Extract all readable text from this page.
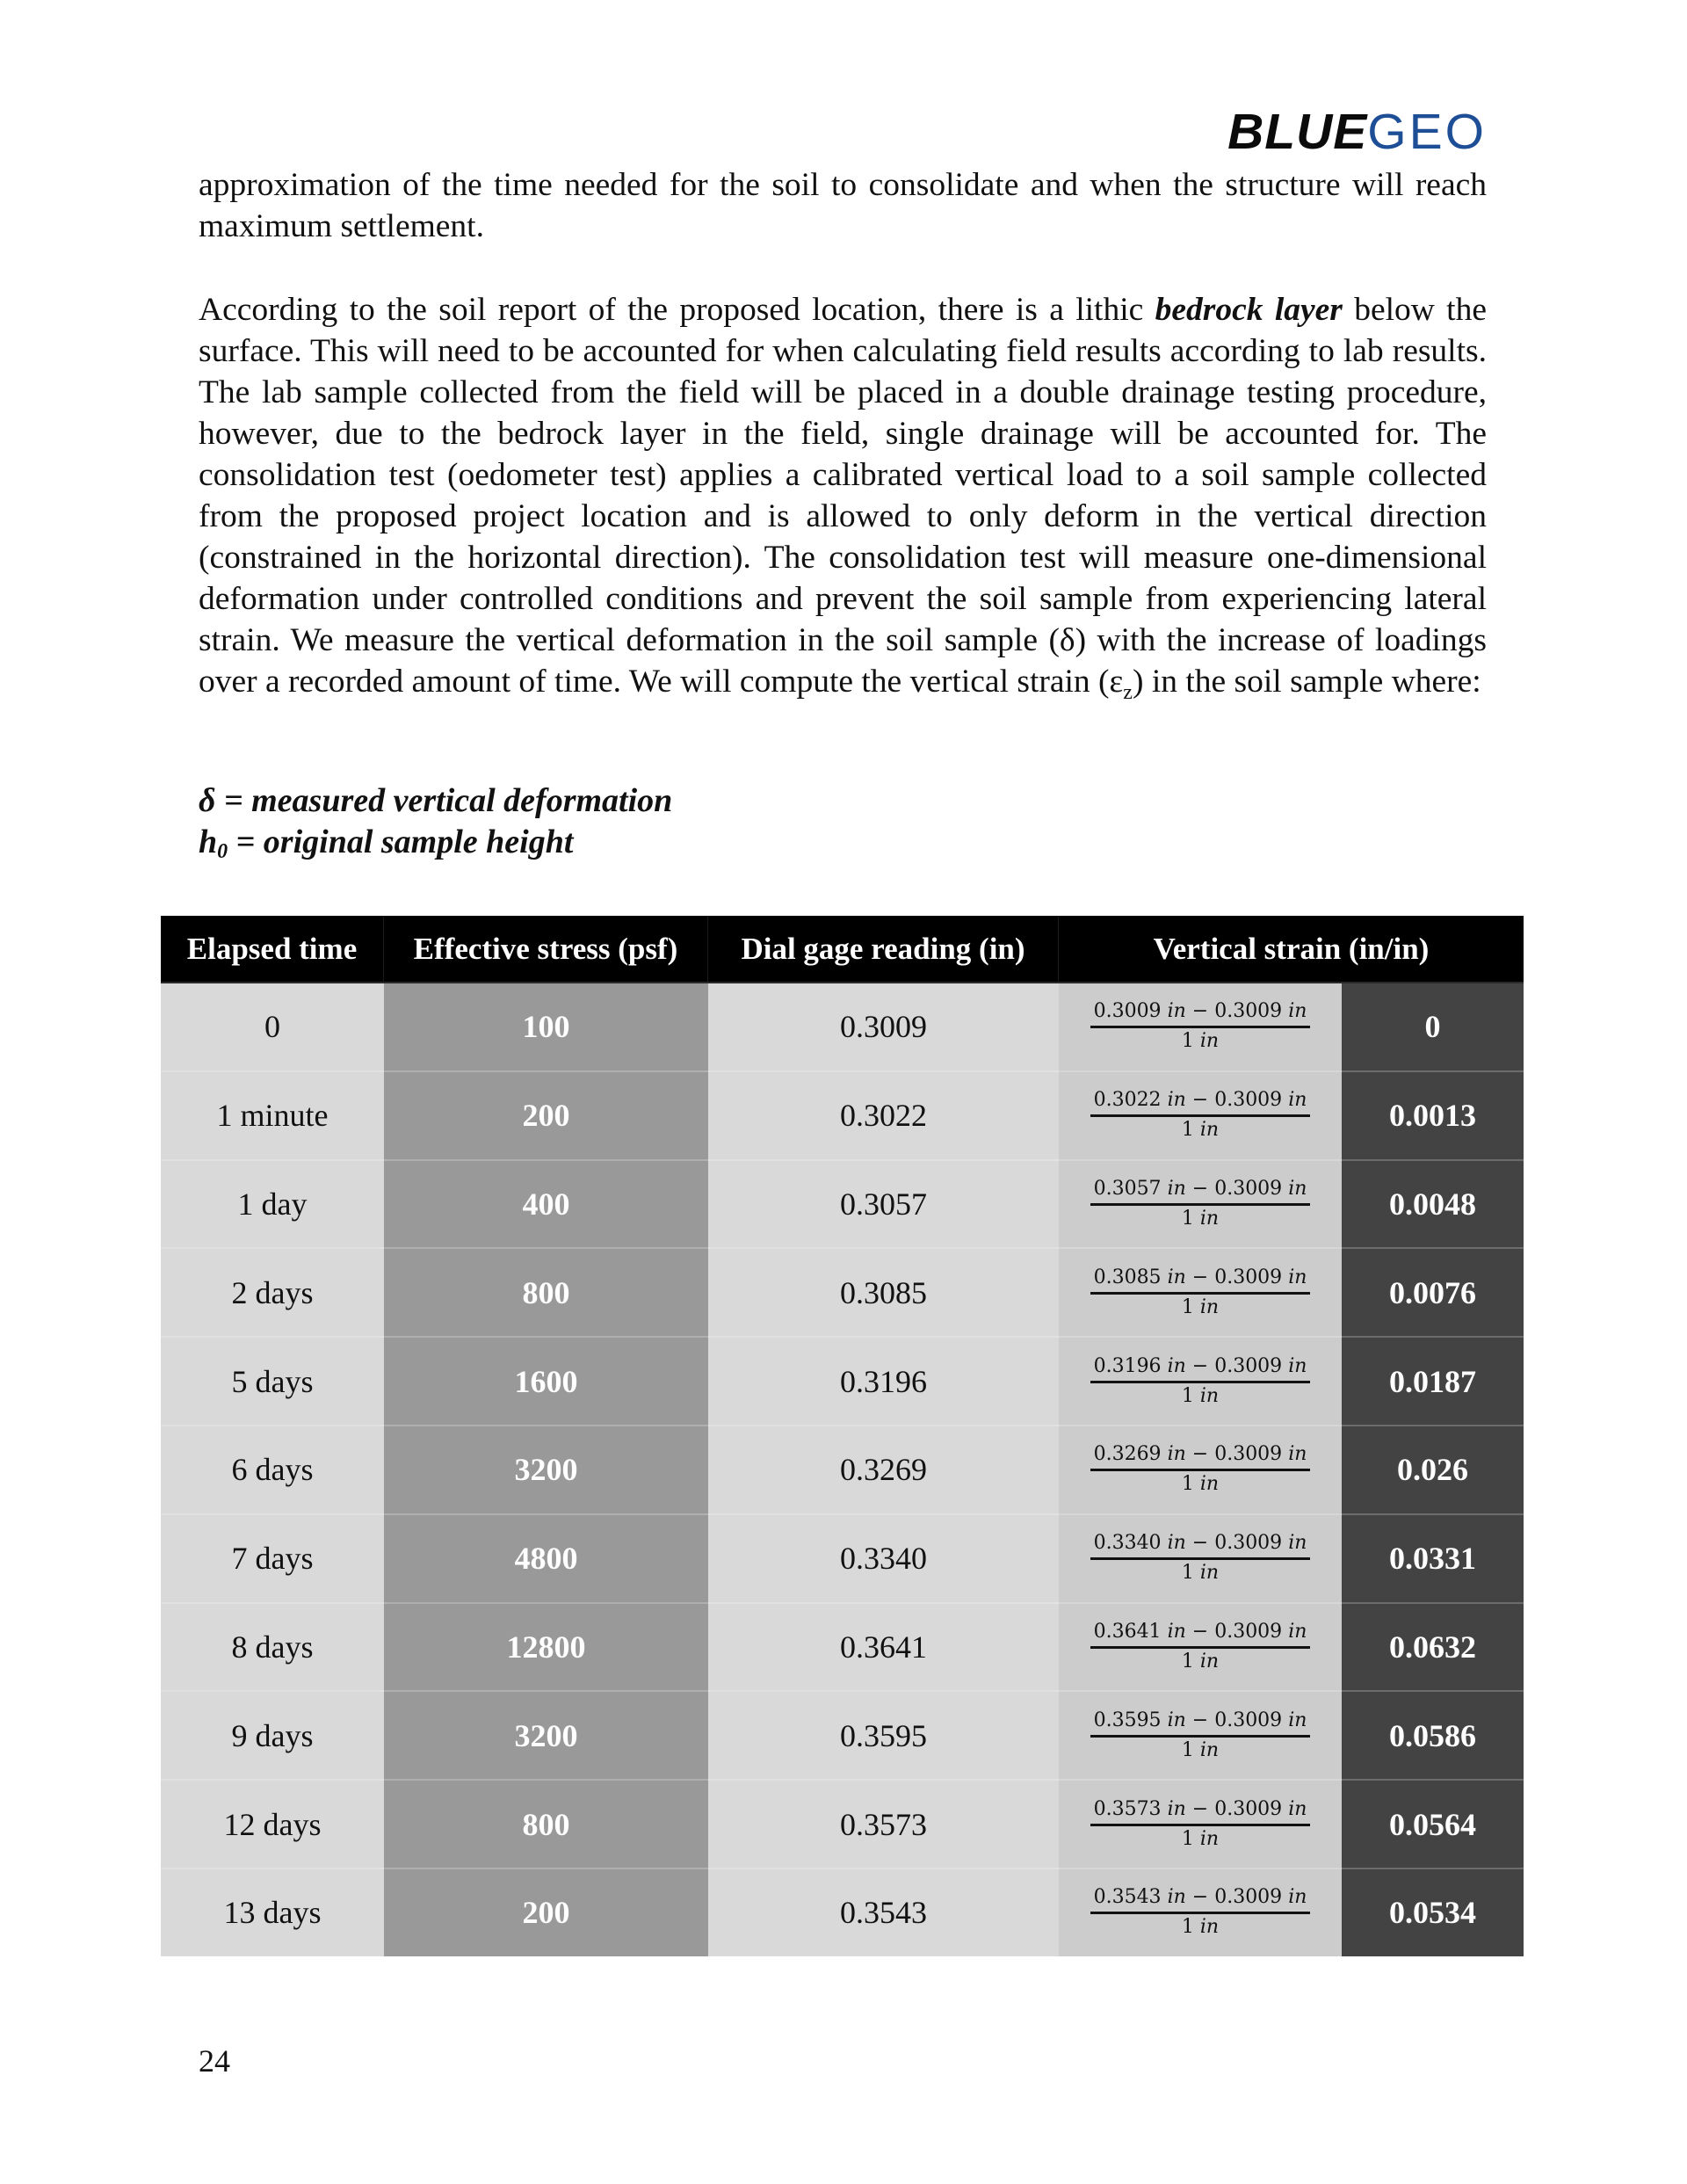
BLUEGEO

approximation of the time needed for the soil to consolidate and when the structure will reach maximum settlement.

According to the soil report of the proposed location, there is a lithic bedrock layer below the surface. This will need to be accounted for when calculating field results according to lab results. The lab sample collected from the field will be placed in a double drainage testing procedure, however, due to the bedrock layer in the field, single drainage will be accounted for. The consolidation test (oedometer test) applies a calibrated vertical load to a soil sample collected from the proposed project location and is allowed to only deform in the vertical direction (constrained in the horizontal direction). The consolidation test will measure one-dimensional deformation under controlled conditions and prevent the soil sample from experiencing lateral strain. We measure the vertical deformation in the soil sample (δ) with the increase of loadings over a recorded amount of time. We will compute the vertical strain $(\varepsilon_z)$ in the soil sample where:

δ = measured vertical deformation
$h_0$ = original sample height
Elapsed time	Effective stress (psf)	Dial gage reading (in)	Vertical strain (in/in)
0	100	0.3009	$\frac{0.3009 in - 0.3009 in}{1 in}$	0
1 minute	200	0.3022	$\frac{0.3022 in - 0.3009 in}{1 in}$	0.0013
1 day	400	0.3057	$\frac{0.3057 in - 0.3009 in}{1 in}$	0.0048
2 days	800	0.3085	$\frac{0.3085 in - 0.3009 in}{1 in}$	0.0076
5 days	1600	0.3196	$\frac{0.3196 in - 0.3009 in}{1 in}$	0.0187
6 days	3200	0.3269	$\frac{0.3269 in - 0.3009 in}{1 in}$	0.026
7 days	4800	0.3340	$\frac{0.3340 in - 0.3009 in}{1 in}$	0.0331
8 days	12800	0.3641	$\frac{0.3641 in - 0.3009 in}{1 in}$	0.0632
9 days	3200	0.3595	$\frac{0.3595 in - 0.3009 in}{1 in}$	0.0586
12 days	800	0.3573	$\frac{0.3573 in - 0.3009 in}{1 in}$	0.0564
13 days	200	0.3543	$\frac{0.3543 in - 0.3009 in}{1 in}$	0.0534
24
